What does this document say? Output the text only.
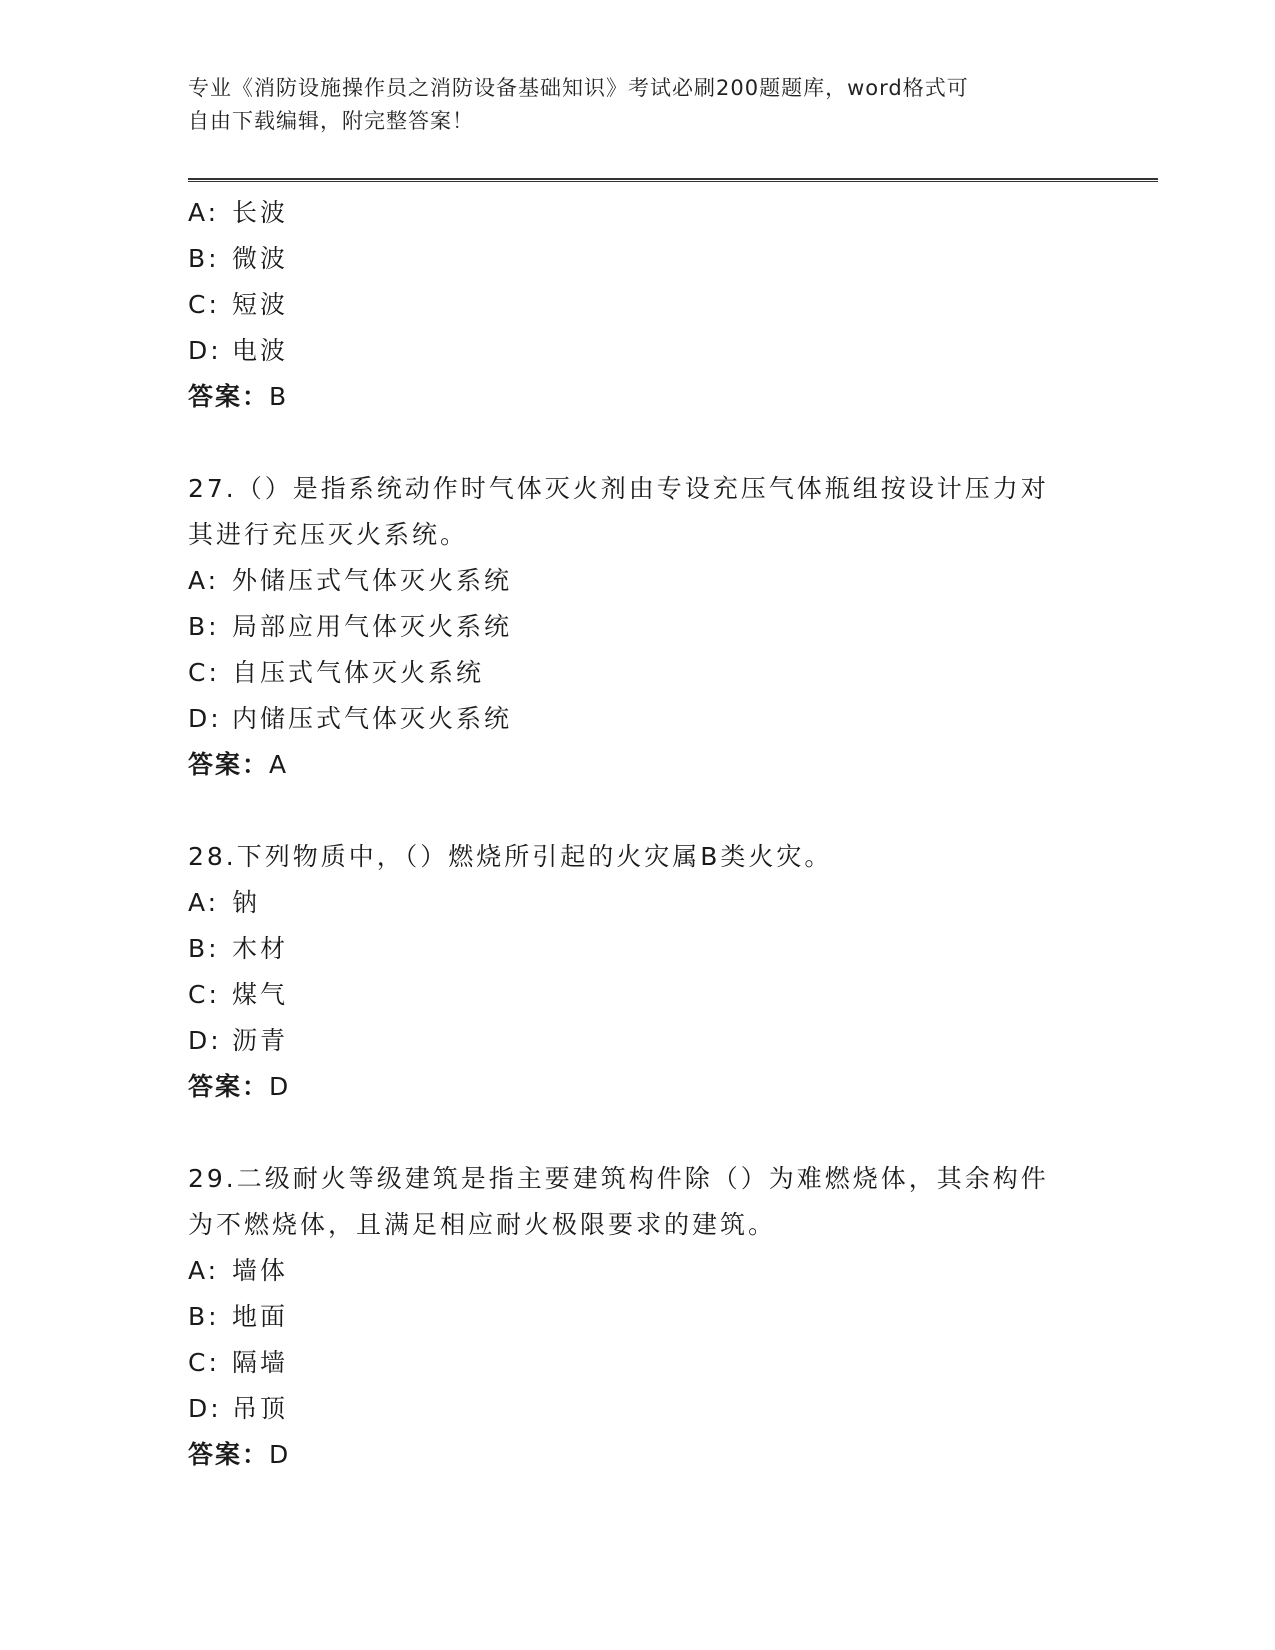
专业《消防设施操作员之消防设备基础知识》考试必刷200题题库，word格式可
自由下载编辑，附完整答案！
A: 长波
B: 微波
C: 短波
D: 电波
答案：B
27.（）是指系统动作时气体灭火剂由专设充压气体瓶组按设计压力对
其进行充压灭火系统。
A: 外储压式气体灭火系统
B: 局部应用气体灭火系统
C: 自压式气体灭火系统
D: 内储压式气体灭火系统
答案：A
28.下列物质中，（）燃烧所引起的火灾属B类火灾。
A: 钠
B: 木材
C: 煤气
D: 沥青
答案：D
29.二级耐火等级建筑是指主要建筑构件除（）为难燃烧体，其余构件
为不燃烧体，且满足相应耐火极限要求的建筑。
A: 墙体
B: 地面
C: 隔墙
D: 吊顶
答案：D
